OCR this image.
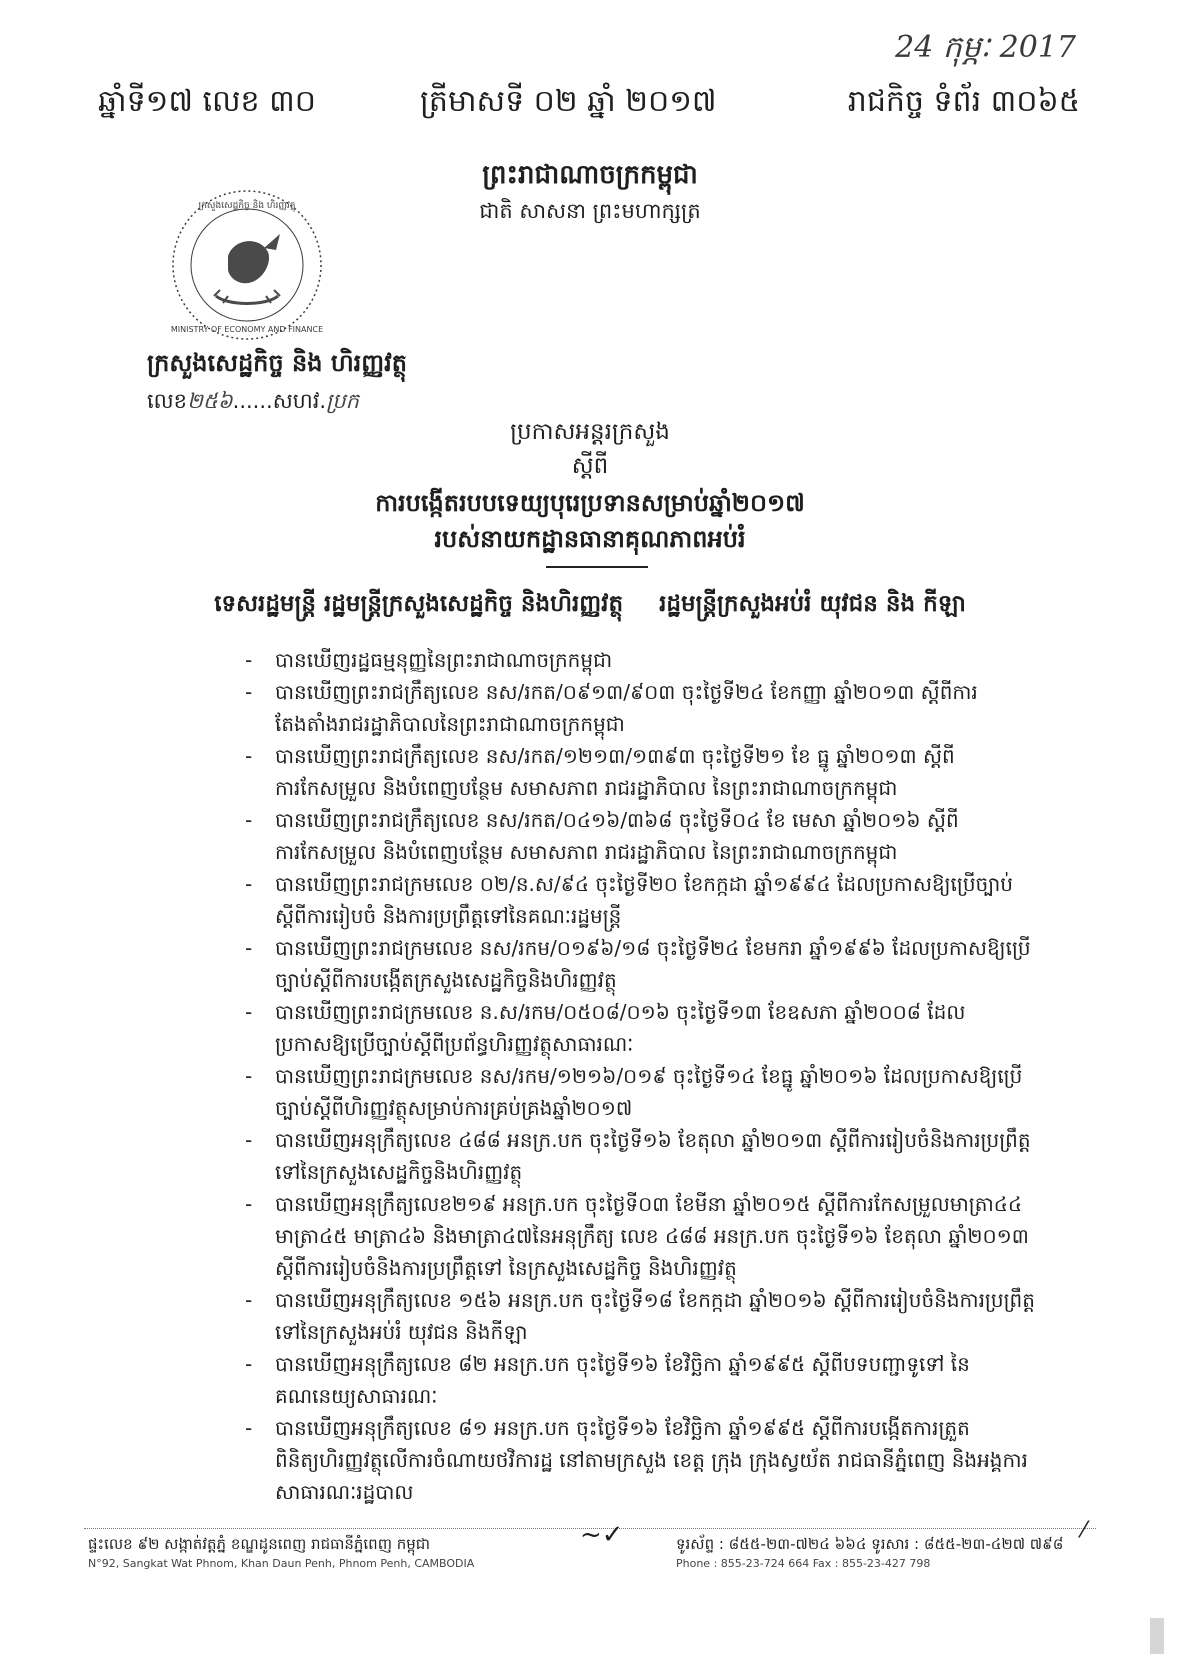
24 កុម្ភៈ 2017
ឆ្នាំទី១៧ លេខ ៣០	ត្រីមាសទី ០២ ឆ្នាំ ២០១៧	រាជកិច្ច ទំព័រ ៣០៦៥
ព្រះរាជាណាចក្រកម្ពុជា
ជាតិ សាសនា ព្រះមហាក្សត្រ
ក្រសួងសេដ្ឋកិច្ច និង ហិរញ្ញវត្ថុ
MINISTRY OF ECONOMY AND FINANCE
ក្រសួងសេដ្ឋកិច្ច និង ហិរញ្ញវត្ថុ
លេខ២៥៦......សហវ.ប្រក
ប្រកាសអន្តរក្រសួង
ស្តីពី
ការបង្កើតរបបទេយ្យបុរេប្រទានសម្រាប់ឆ្នាំ២០១៧
របស់នាយកដ្ឋានធានាគុណភាពអប់រំ
ទេសរដ្ឋមន្ត្រី រដ្ឋមន្ត្រីក្រសួងសេដ្ឋកិច្ច និងហិរញ្ញវត្ថុ រដ្ឋមន្ត្រីក្រសួងអប់រំ យុវជន និង កីឡា
- បានឃើញរដ្ឋធម្មនុញ្ញនៃព្រះរាជាណាចក្រកម្ពុជា
- បានឃើញព្រះរាជក្រឹត្យលេខ នស/រកត/០៩១៣/៩០៣ ចុះថ្ងៃទី២៤ ខែកញ្ញា ឆ្នាំ២០១៣ ស្តីពីការតែងតាំងរាជរដ្ឋាភិបាលនៃព្រះរាជាណាចក្រកម្ពុជា
- បានឃើញព្រះរាជក្រឹត្យលេខ នស/រកត/១២១៣/១៣៩៣ ចុះថ្ងៃទី២១ ខែ ធ្នូ ឆ្នាំ២០១៣ ស្តីពីការកែសម្រួល និងបំពេញបន្ថែម សមាសភាព រាជរដ្ឋាភិបាល នៃព្រះរាជាណាចក្រកម្ពុជា
- បានឃើញព្រះរាជក្រឹត្យលេខ នស/រកត/០៤១៦/៣៦៨ ចុះថ្ងៃទី០៤ ខែ មេសា ឆ្នាំ២០១៦ ស្តីពីការកែសម្រួល និងបំពេញបន្ថែម សមាសភាព រាជរដ្ឋាភិបាល នៃព្រះរាជាណាចក្រកម្ពុជា
- បានឃើញព្រះរាជក្រមលេខ ០២/ន.ស/៩៤ ចុះថ្ងៃទី២០ ខែកក្កដា ឆ្នាំ១៩៩៤ ដែលប្រកាសឱ្យប្រើច្បាប់ស្តីពីការរៀបចំ និងការប្រព្រឹត្តទៅនៃគណៈរដ្ឋមន្ត្រី
- បានឃើញព្រះរាជក្រមលេខ នស/រកម/០១៩៦/១៨ ចុះថ្ងៃទី២៤ ខែមករា ឆ្នាំ១៩៩៦ ដែលប្រកាសឱ្យប្រើច្បាប់ស្តីពីការបង្កើតក្រសួងសេដ្ឋកិច្ចនិងហិរញ្ញវត្ថុ
- បានឃើញព្រះរាជក្រមលេខ ន.ស/រកម/០៥០៨/០១៦ ចុះថ្ងៃទី១៣ ខែឧសភា ឆ្នាំ២០០៨ ដែលប្រកាសឱ្យប្រើច្បាប់ស្តីពីប្រព័ន្ធហិរញ្ញវត្ថុសាធារណៈ
- បានឃើញព្រះរាជក្រមលេខ នស/រកម/១២១៦/០១៩ ចុះថ្ងៃទី១៤ ខែធ្នូ ឆ្នាំ២០១៦ ដែលប្រកាសឱ្យប្រើច្បាប់ស្តីពីហិរញ្ញវត្ថុសម្រាប់ការគ្រប់គ្រងឆ្នាំ២០១៧
- បានឃើញអនុក្រឹត្យលេខ ៤៨៨ អនក្រ.បក ចុះថ្ងៃទី១៦ ខែតុលា ឆ្នាំ២០១៣ ស្តីពីការរៀបចំនិងការប្រព្រឹត្តទៅនៃក្រសួងសេដ្ឋកិច្ចនិងហិរញ្ញវត្ថុ
- បានឃើញអនុក្រឹត្យលេខ២១៩ អនក្រ.បក ចុះថ្ងៃទី០៣ ខែមីនា ឆ្នាំ២០១៥ ស្តីពីការកែសម្រួលមាត្រា៤៤ មាត្រា៤៥ មាត្រា៤៦ និងមាត្រា៤៧នៃអនុក្រឹត្យ លេខ ៤៨៨ អនក្រ.បក ចុះថ្ងៃទី១៦ ខែតុលា ឆ្នាំ២០១៣ ស្តីពីការរៀបចំនិងការប្រព្រឹត្តទៅ នៃក្រសួងសេដ្ឋកិច្ច និងហិរញ្ញវត្ថុ
- បានឃើញអនុក្រឹត្យលេខ ១៥៦ អនក្រ.បក ចុះថ្ងៃទី១៨ ខែកក្កដា ឆ្នាំ២០១៦ ស្តីពីការរៀបចំនិងការប្រព្រឹត្តទៅនៃក្រសួងអប់រំ យុវជន និងកីឡា
- បានឃើញអនុក្រឹត្យលេខ ៨២ អនក្រ.បក ចុះថ្ងៃទី១៦ ខែវិច្ឆិកា ឆ្នាំ១៩៩៥ ស្តីពីបទបញ្ជាទូទៅ នៃគណនេយ្យសាធារណៈ
- បានឃើញអនុក្រឹត្យលេខ ៨១ អនក្រ.បក ចុះថ្ងៃទី១៦ ខែវិច្ឆិកា ឆ្នាំ១៩៩៥ ស្តីពីការបង្កើតការត្រួតពិនិត្យហិរញ្ញវត្ថុលើការចំណាយថវិការដ្ឋ នៅតាមក្រសួង ខេត្ត ក្រុង ក្រុងស្វយ័ត រាជធានីភ្នំពេញ និងអង្គការសាធារណៈរដ្ឋបាល
~✓
ផ្ទះលេខ ៩២ សង្កាត់វត្តភ្នំ ខណ្ឌដូនពេញ រាជធានីភ្នំពេញ កម្ពុជា
N°92, Sangkat Wat Phnom, Khan Daun Penh, Phnom Penh, CAMBODIA
ទូរស័ព្ទ : ៨៥៥-២៣-៧២៤ ៦៦៤ ទូរសារ : ៨៥៥-២៣-៤២៧ ៧៩៨
Phone : 855-23-724 664 Fax : 855-23-427 798
⁄
